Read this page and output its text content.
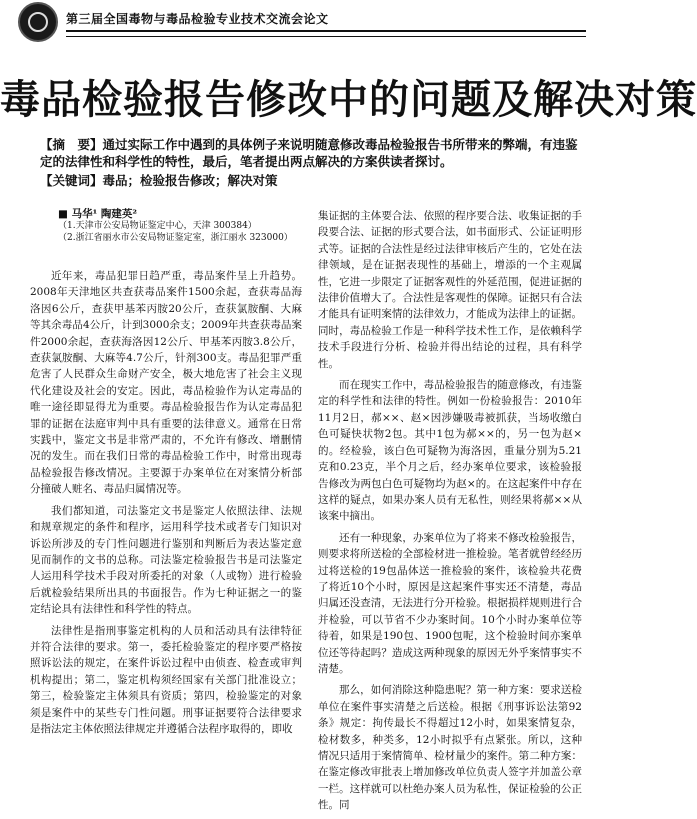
第三届全国毒物与毒品检验专业技术交流会论文
毒品检验报告修改中的问题及解决对策
【摘　要】通过实际工作中遇到的具体例子来说明随意修改毒品检验报告书所带来的弊端，有违鉴定的法律性和科学性的特性，最后，笔者提出两点解决的方案供读者探讨。
【关键词】毒品；检验报告修改；解决对策
■ 马华¹ 陶建英²
（1.天津市公安局物证鉴定中心，天津 300384）
（2.浙江省丽水市公安局物证鉴定室，浙江丽水 323000）

近年来，毒品犯罪日趋严重，毒品案件呈上升趋势。2008年天津地区共查获毒品案件1500余起，查获毒品海洛因6公斤，查获甲基苯丙胺20公斤，查获氯胺酮、大麻等其余毒品4公斤，计到3000余支；2009年共查获毒品案件2000余起，查获海洛因12公斤、甲基苯丙胺3.8公斤，查获氯胺酮、大麻等4.7公斤，针剂300支。毒品犯罪严重危害了人民群众生命财产安全，极大地危害了社会主义现代化建设及社会的安定。因此，毒品检验作为认定毒品的唯一途径即显得尤为重要。毒品检验报告作为认定毒品犯罪的证据在法庭审判中具有重要的法律意义。通常在日常实践中，鉴定文书是非常严肃的，不允许有修改、增删情况的发生。而在我们日常的毒品检验工作中，时常出现毒品检验报告修改情况。主要源于办案单位在对案情分析部分撞破人赃名、毒品归属情况等。

我们都知道，司法鉴定文书是鉴定人依照法律、法规和规章规定的条件和程序，运用科学技术或者专门知识对诉讼所涉及的专门性问题进行鉴别和判断后为表达鉴定意见而制作的文书的总称。司法鉴定检验报告书是司法鉴定人运用科学技术手段对所委托的对象（人或物）进行检验后就检验结果所出具的书面报告。作为七种证据之一的鉴定结论具有法律性和科学性的特点。

法律性是指刑事鉴定机构的人员和活动具有法律特征并符合法律的要求。第一，委托检验鉴定的程序要严格按照诉讼法的规定，在案件诉讼过程中由侦查、检查或审判机构提出；第二，鉴定机构须经国家有关部门批准设立；第三，检验鉴定主体须具有资质；第四，检验鉴定的对象须是案件中的某些专门性问题。刑事证据要符合法律要求是指法定主体依照法律规定并遵循合法程序取得的，即收

集证据的主体要合法、依照的程序要合法、收集证据的手段要合法、证据的形式要合法，如书面形式、公证证明形式等。证据的合法性是经过法律审核后产生的，它处在法律领域，是在证据表现性的基础上，增添的一个主观属性，它进一步限定了证据客观性的外延范围，促进证据的法律价值增大了。合法性是客观性的保障。证据只有合法才能具有证明案情的法律效力，才能成为法律上的证据。同时，毒品检验工作是一种科学技术性工作，是依赖科学技术手段进行分析、检验并得出结论的过程，具有科学性。

而在现实工作中，毒品检验报告的随意修改，有违鉴定的科学性和法律的特性。例如一份检验报告：2010年11月2日，郝××、赵×因涉嫌吸毒被抓获，当场收缴白色可疑快状物2包。其中1包为郝××的，另一包为赵×的。经检验，该白色可疑物为海洛因，重量分别为5.21克和0.23克，半个月之后，经办案单位要求，该检验报告修改为两包白色可疑物均为赵×的。在这起案件中存在这样的疑点，如果办案人员有无私性，则经果将郝××从该案中摘出。

还有一种现象，办案单位为了将来不修改检验报告，则要求将所送检的全部检材进一推检验。笔者就曾经经历过将送检的19包晶体送一推检验的案件，该检验共花费了将近10个小时，原因是这起案件事实还不清楚，毒品归属还没查清，无法进行分开检验。根据损样规则进行合并检验，可以节省不少办案时间。10个小时办案单位等待着，如果是190包、1900包呢，这个检验时间亦案单位还等待起吗？造成这两种现象的原因无外乎案情事实不清楚。

那么，如何消除这种隐患呢？第一种方案：要求送检单位在案件事实清楚之后送检。根据《刑事诉讼法第92条》规定：拘传最长不得超过12小时，如果案情复杂，检材数多，种类多，12小时拟乎有点紧张。所以，这种情况只适用于案情简单、检材量少的案件。第二种方案：在鉴定修改审批表上增加修改单位负责人签字并加盖公章一栏。这样就可以杜绝办案人员为私性，保证检验的公正性。同
